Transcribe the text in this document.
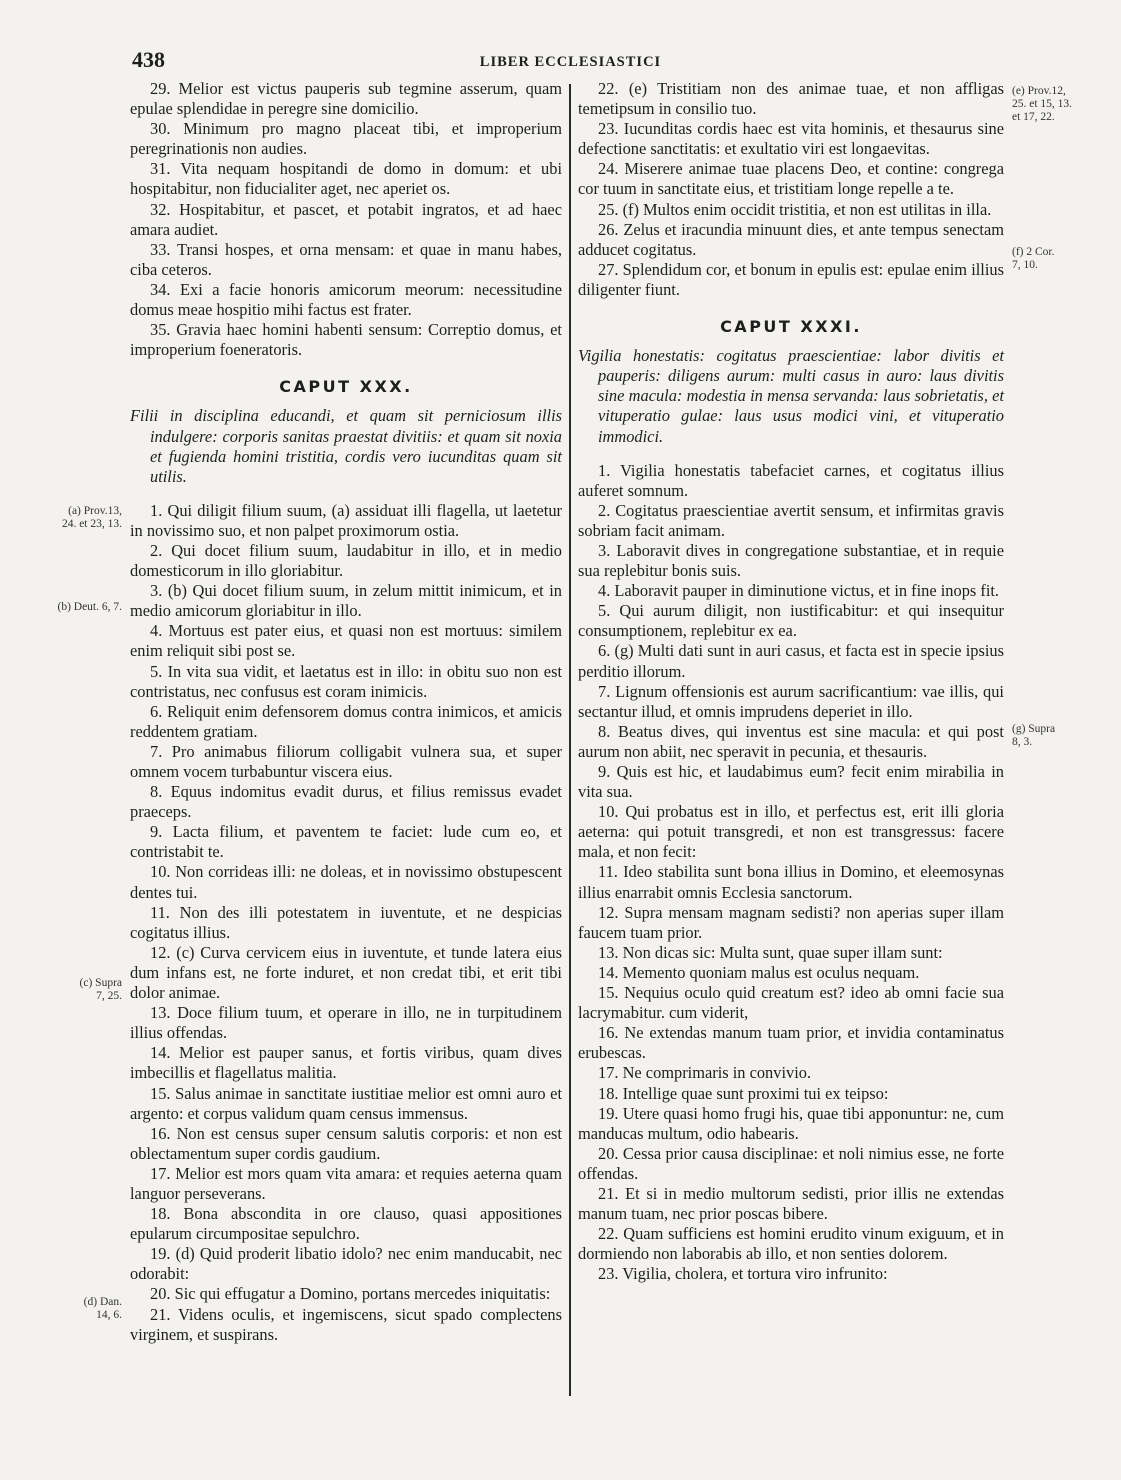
438	LIBER ECCLESIASTICI

29. Melior est victus pauperis sub tegmine asserum, quam epulae splendidae in peregre sine domicilio.

30. Minimum pro magno placeat tibi, et improperium peregrinationis non audies.

31. Vita nequam hospitandi de domo in domum: et ubi hospitabitur, non fiducialiter aget, nec aperiet os.

32. Hospitabitur, et pascet, et potabit ingratos, et ad haec amara audiet.

33. Transi hospes, et orna mensam: et quae in manu habes, ciba ceteros.

34. Exi a facie honoris amicorum meorum: necessitudine domus meae hospitio mihi factus est frater.

35. Gravia haec homini habenti sensum: Correptio domus, et improperium foeneratoris.

CAPUT XXX.

Filii in disciplina educandi, et quam sit perniciosum illis indulgere: corporis sanitas praestat divitiis: et quam sit noxia et fugienda homini tristitia, cordis vero iucunditas quam sit utilis.

1. Qui diligit filium suum, (a) assiduat illi flagella, ut laetetur in novissimo suo, et non palpet proximorum ostia.

2. Qui docet filium suum, laudabitur in illo, et in medio domesticorum in illo gloriabitur.

3. (b) Qui docet filium suum, in zelum mittit inimicum, et in medio amicorum gloriabitur in illo.

4. Mortuus est pater eius, et quasi non est mortuus: similem enim reliquit sibi post se.

5. In vita sua vidit, et laetatus est in illo: in obitu suo non est contristatus, nec confusus est coram inimicis.

6. Reliquit enim defensorem domus contra inimicos, et amicis reddentem gratiam.

7. Pro animabus filiorum colligabit vulnera sua, et super omnem vocem turbabuntur viscera eius.

8. Equus indomitus evadit durus, et filius remissus evadet praeceps.

9. Lacta filium, et paventem te faciet: lude cum eo, et contristabit te.

10. Non corrideas illi: ne doleas, et in novissimo obstupescent dentes tui.

11. Non des illi potestatem in iuventute, et ne despicias cogitatus illius.

12. (c) Curva cervicem eius in iuventute, et tunde latera eius dum infans est, ne forte induret, et non credat tibi, et erit tibi dolor animae.

13. Doce filium tuum, et operare in illo, ne in turpitudinem illius offendas.

14. Melior est pauper sanus, et fortis viribus, quam dives imbecillis et flagellatus malitia.

15. Salus animae in sanctitate iustitiae melior est omni auro et argento: et corpus validum quam census immensus.

16. Non est census super censum salutis corporis: et non est oblectamentum super cordis gaudium.

17. Melior est mors quam vita amara: et requies aeterna quam languor perseverans.

18. Bona abscondita in ore clauso, quasi appositiones epularum circumpositae sepulchro.

19. (d) Quid proderit libatio idolo? nec enim manducabit, nec odorabit:

20. Sic qui effugatur a Domino, portans mercedes iniquitatis:

21. Videns oculis, et ingemiscens, sicut spado complectens virginem, et suspirans.

22. (e) Tristitiam non des animae tuae, et non affligas temetipsum in consilio tuo.

23. Iucunditas cordis haec est vita hominis, et thesaurus sine defectione sanctitatis: et exultatio viri est longaevitas.

24. Miserere animae tuae placens Deo, et contine: congrega cor tuum in sanctitate eius, et tristitiam longe repelle a te.

25. (f) Multos enim occidit tristitia, et non est utilitas in illa.

26. Zelus et iracundia minuunt dies, et ante tempus senectam adducet cogitatus.

27. Splendidum cor, et bonum in epulis est: epulae enim illius diligenter fiunt.

CAPUT XXXI.

Vigilia honestatis: cogitatus praescientiae: labor divitis et pauperis: diligens aurum: multi casus in auro: laus divitis sine macula: modestia in mensa servanda: laus sobrietatis, et vituperatio gulae: laus usus modici vini, et vituperatio immodici.

1. Vigilia honestatis tabefaciet carnes, et cogitatus illius auferet somnum.

2. Cogitatus praescientiae avertit sensum, et infirmitas gravis sobriam facit animam.

3. Laboravit dives in congregatione substantiae, et in requie sua replebitur bonis suis.

4. Laboravit pauper in diminutione victus, et in fine inops fit.

5. Qui aurum diligit, non iustificabitur: et qui insequitur consumptionem, replebitur ex ea.

6. (g) Multi dati sunt in auri casus, et facta est in specie ipsius perditio illorum.

7. Lignum offensionis est aurum sacrificantium: vae illis, qui sectantur illud, et omnis imprudens deperiet in illo.

8. Beatus dives, qui inventus est sine macula: et qui post aurum non abiit, nec speravit in pecunia, et thesauris.

9. Quis est hic, et laudabimus eum? fecit enim mirabilia in vita sua.

10. Qui probatus est in illo, et perfectus est, erit illi gloria aeterna: qui potuit transgredi, et non est transgressus: facere mala, et non fecit:

11. Ideo stabilita sunt bona illius in Domino, et eleemosynas illius enarrabit omnis Ecclesia sanctorum.

12. Supra mensam magnam sedisti? non aperias super illam faucem tuam prior.

13. Non dicas sic: Multa sunt, quae super illam sunt:

14. Memento quoniam malus est oculus nequam.

15. Nequius oculo quid creatum est? ideo ab omni facie sua lacrymabitur. cum viderit,

16. Ne extendas manum tuam prior, et invidia contaminatus erubescas.

17. Ne comprimaris in convivio.

18. Intellige quae sunt proximi tui ex teipso:

19. Utere quasi homo frugi his, quae tibi apponuntur: ne, cum manducas multum, odio habearis.

20. Cessa prior causa disciplinae: et noli nimius esse, ne forte offendas.

21. Et si in medio multorum sedisti, prior illis ne extendas manum tuam, nec prior poscas bibere.

22. Quam sufficiens est homini erudito vinum exiguum, et in dormiendo non laborabis ab illo, et non senties dolorem.

23. Vigilia, cholera, et tortura viro infrunito:

(a) Prov.13,
24. et 23, 13.
(b) Deut. 6, 7.
(c) Supra
7, 25.
(d) Dan.
14, 6.
(e) Prov.12,
25. et 15, 13.
et 17, 22.
(f) 2 Cor.
7, 10.
(g) Supra
8, 3.
